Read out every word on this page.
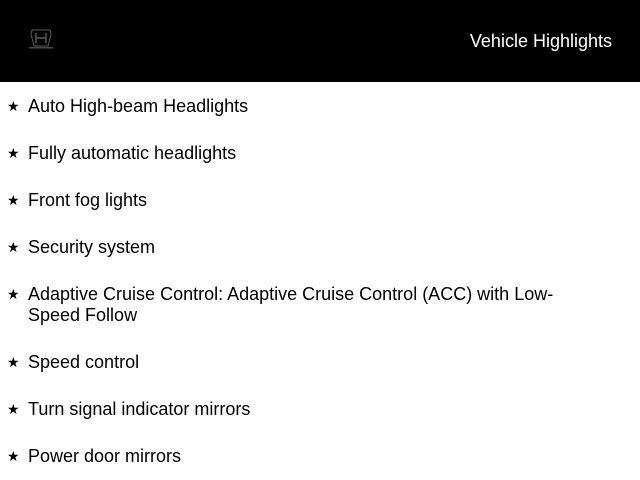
Vehicle Highlights
★ Auto High-beam Headlights
★ Fully automatic headlights
★ Front fog lights
★ Security system
★ Adaptive Cruise Control: Adaptive Cruise Control (ACC) with Low-Speed Follow
★ Speed control
★ Turn signal indicator mirrors
★ Power door mirrors
